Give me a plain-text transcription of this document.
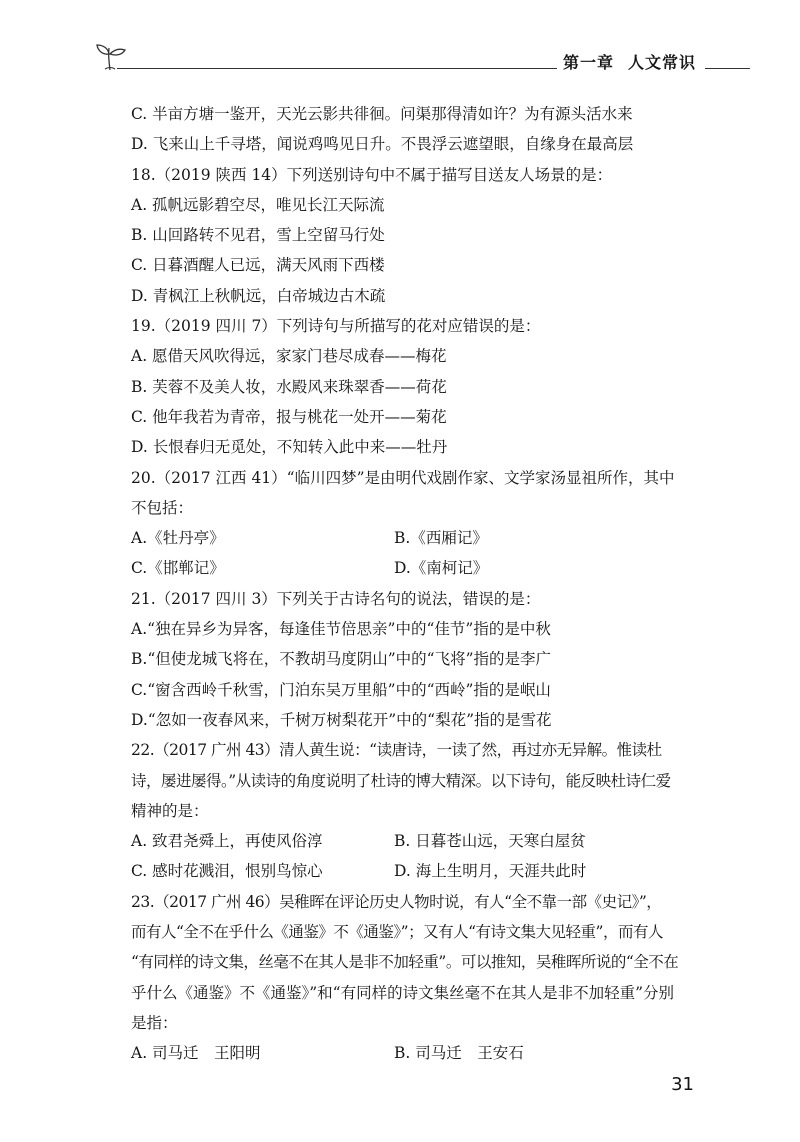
第一章 人文常识
C. 半亩方塘一鉴开，天光云影共徘徊。问渠那得清如许？为有源头活水来
D. 飞来山上千寻塔，闻说鸡鸣见日升。不畏浮云遮望眼，自缘身在最高层
18.（2019 陕西 14）下列送别诗句中不属于描写目送友人场景的是：
A. 孤帆远影碧空尽，唯见长江天际流
B. 山回路转不见君，雪上空留马行处
C. 日暮酒醒人已远，满天风雨下西楼
D. 青枫江上秋帆远，白帝城边古木疏
19.（2019 四川 7）下列诗句与所描写的花对应错误的是：
A. 愿借天风吹得远，家家门巷尽成春——梅花
B. 芙蓉不及美人妆，水殿风来珠翠香——荷花
C. 他年我若为青帝，报与桃花一处开——菊花
D. 长恨春归无觅处，不知转入此中来——牡丹
20.（2017 江西 41）“临川四梦”是由明代戏剧作家、文学家汤显祖所作，其中
不包括：
A.《牡丹亭》	B.《西厢记》
C.《邯郸记》	D.《南柯记》
21.（2017 四川 3）下列关于古诗名句的说法，错误的是：
A.“独在异乡为异客，每逢佳节倍思亲”中的“佳节”指的是中秋
B.“但使龙城飞将在，不教胡马度阴山”中的“飞将”指的是李广
C.“窗含西岭千秋雪，门泊东吴万里船”中的“西岭”指的是岷山
D.“忽如一夜春风来，千树万树梨花开”中的“梨花”指的是雪花
22.（2017 广州 43）清人黄生说：“读唐诗，一读了然，再过亦无异解。惟读杜
诗，屡进屡得。”从读诗的角度说明了杜诗的博大精深。以下诗句，能反映杜诗仁爱
精神的是：
A. 致君尧舜上，再使风俗淳	B. 日暮苍山远，天寒白屋贫
C. 感时花溅泪，恨别鸟惊心	D. 海上生明月，天涯共此时
23.（2017 广州 46）吴稚晖在评论历史人物时说，有人“全不靠一部《史记》”，
而有人“全不在乎什么《通鉴》不《通鉴》”；又有人“有诗文集大见轻重”，而有人
“有同样的诗文集，丝毫不在其人是非不加轻重”。可以推知，吴稚晖所说的“全不在
乎什么《通鉴》不《通鉴》”和“有同样的诗文集丝毫不在其人是非不加轻重”分别
是指：
A. 司马迁　王阳明	B. 司马迁　王安石
31
